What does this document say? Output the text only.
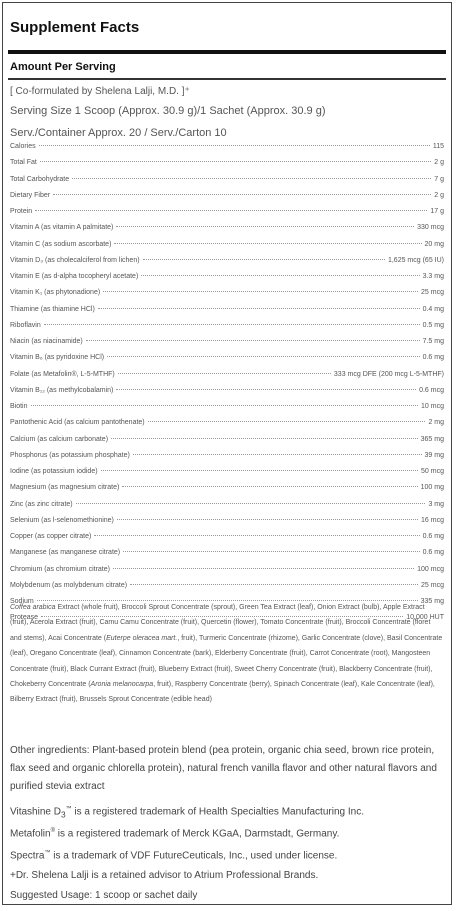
Supplement Facts
Amount Per Serving
[ Co-formulated by Shelena Lalji, M.D. ]⁺
Serving Size 1 Scoop (Approx. 30.9 g)/1 Sachet (Approx. 30.9 g)
Serv./Container Approx. 20 / Serv./Carton 10
Calories	115
Total Fat	2 g
Total Carbohydrate	7 g
Dietary Fiber	2 g
Protein	17 g
Vitamin A (as vitamin A palmitate)	330 mcg
Vitamin C (as sodium ascorbate)	20 mg
Vitamin D₃ (as cholecalciferol from lichen)	1,625 mcg (65 IU)
Vitamin E (as d-alpha tocopheryl acetate)	3.3 mg
Vitamin K₁ (as phytonadione)	25 mcg
Thiamine (as thiamine HCl)	0.4 mg
Riboflavin	0.5 mg
Niacin (as niacinamide)	7.5 mg
Vitamin B₆ (as pyridoxine HCl)	0.6 mg
Folate (as Metafolin®, L-5-MTHF)	333 mcg DFE (200 mcg L-5-MTHF)
Vitamin B₁₂ (as methylcobalamin)	0.6 mcg
Biotin	10 mcg
Pantothenic Acid (as calcium pantothenate)	2 mg
Calcium (as calcium carbonate)	365 mg
Phosphorus (as potassium phosphate)	39 mg
Iodine (as potassium iodide)	50 mcg
Magnesium (as magnesium citrate)	100 mg
Zinc (as zinc citrate)	3 mg
Selenium (as l-selenomethionine)	16 mcg
Copper (as copper citrate)	0.6 mg
Manganese (as manganese citrate)	0.6 mg
Chromium (as chromium citrate)	100 mcg
Molybdenum (as molybdenum citrate)	25 mcg
Sodium	335 mg
Protease	10,000 HUT
Coffea arabica Extract (whole fruit), Broccoli Sprout Concentrate (sprout), Green Tea Extract (leaf), Onion Extract (bulb), Apple Extract (fruit), Acerola Extract (fruit), Camu Camu Concentrate (fruit), Quercetin (flower), Tomato Concentrate (fruit), Broccoli Concentrate (floret and stems), Acai Concentrate (Euterpe oleracea mart., fruit), Turmeric Concentrate (rhizome), Garlic Concentrate (clove), Basil Concentrate (leaf), Oregano Concentrate (leaf), Cinnamon Concentrate (bark), Elderberry Concentrate (fruit), Carrot Concentrate (root), Mangosteen Concentrate (fruit), Black Currant Extract (fruit), Blueberry Extract (fruit), Sweet Cherry Concentrate (fruit), Blackberry Concentrate (fruit), Chokeberry Concentrate (Aronia melanocarpa, fruit), Raspberry Concentrate (berry), Spinach Concentrate (leaf), Kale Concentrate (leaf), Bilberry Extract (fruit), Brussels Sprout Concentrate (edible head)
Other ingredients: Plant-based protein blend (pea protein, organic chia seed, brown rice protein, flax seed and organic chlorella protein), natural french vanilla flavor and other natural flavors and purified stevia extract
Vitashine $D_3™$ is a registered trademark of Health Specialties Manufacturing Inc.
Metafolin® is a registered trademark of Merck KGaA, Darmstadt, Germany.
Spectra™ is a trademark of VDF FutureCeuticals, Inc., used under license.
+Dr. Shelena Lalji is a retained advisor to Atrium Professional Brands.
Suggested Usage: 1 scoop or sachet daily
